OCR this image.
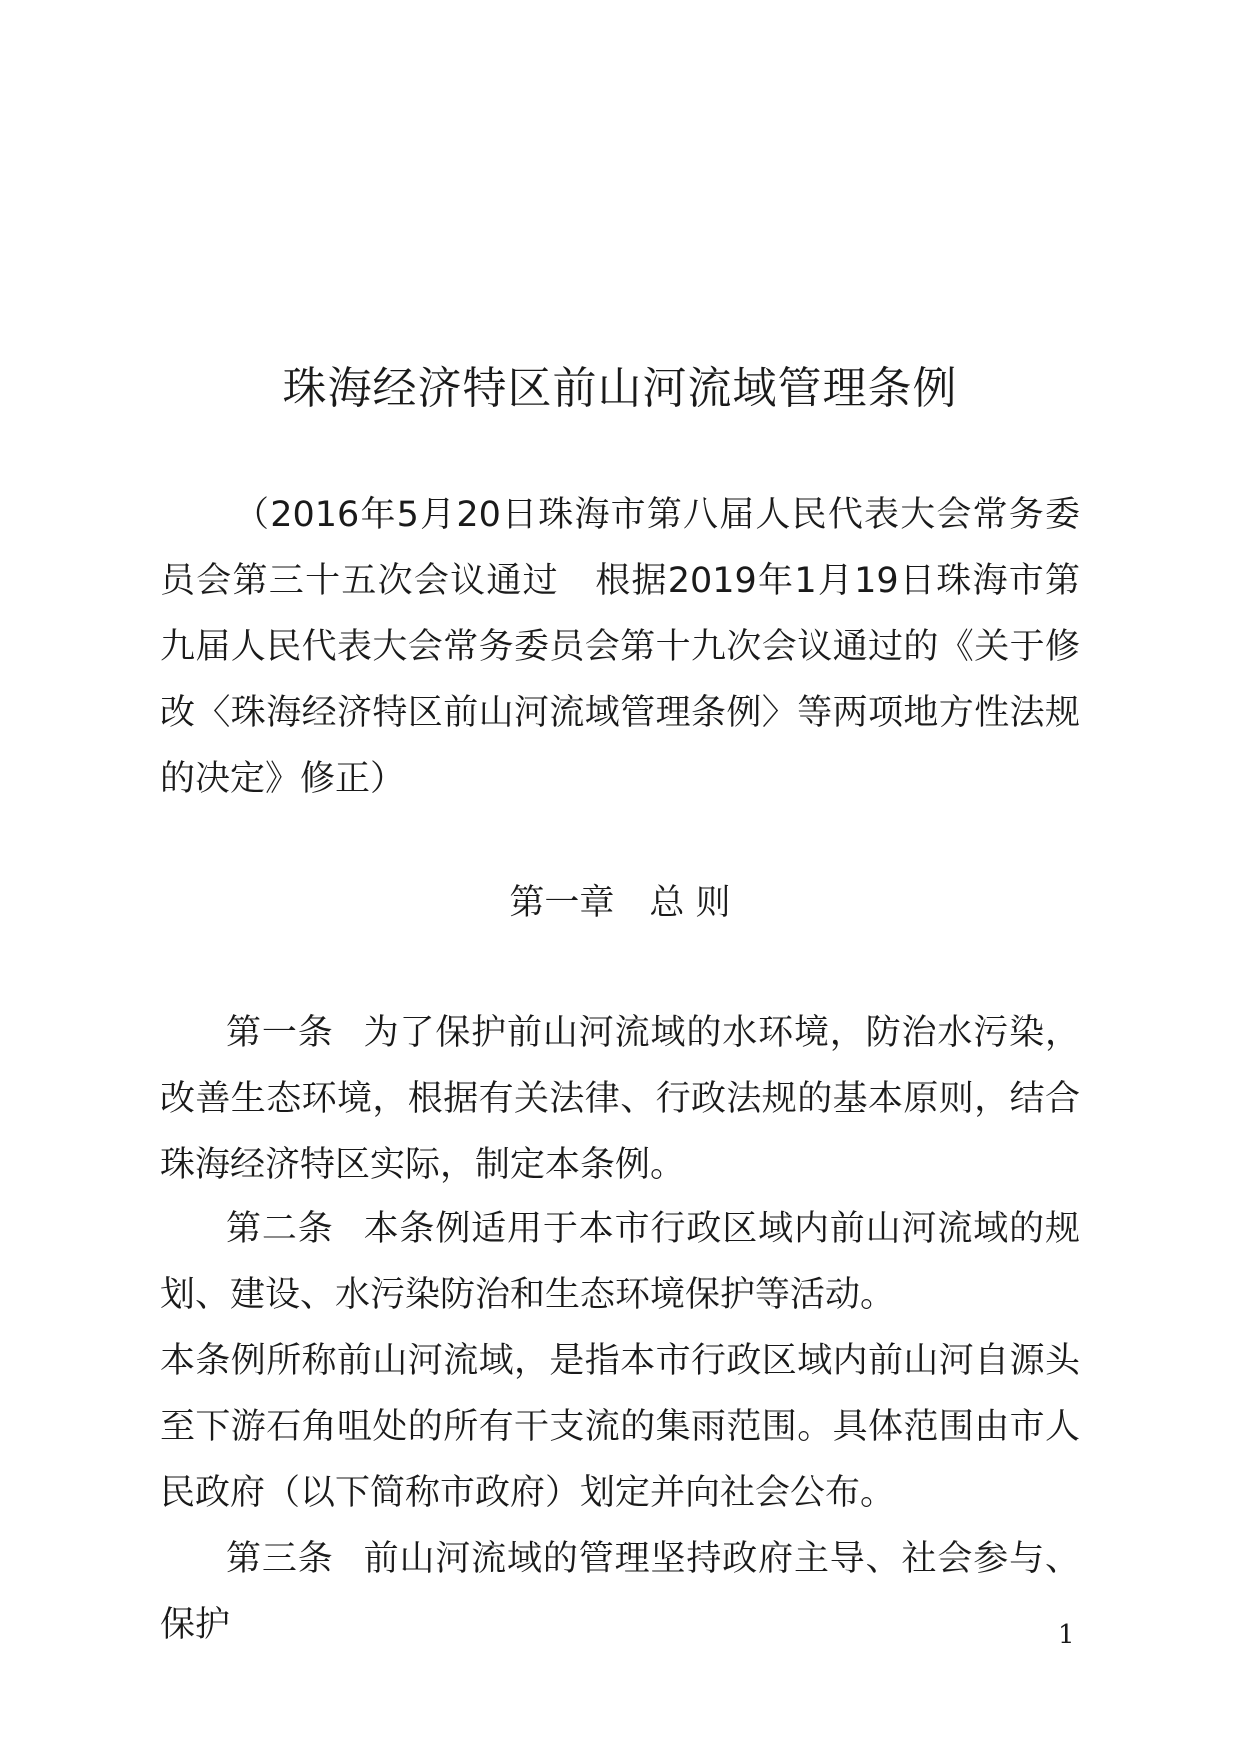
珠海经济特区前山河流域管理条例
（2016年5月20日珠海市第八届人民代表大会常务委员会第三十五次会议通过　根据2019年1月19日珠海市第九届人民代表大会常务委员会第十九次会议通过的《关于修改〈珠海经济特区前山河流域管理条例〉等两项地方性法规的决定》修正）
第一章　总 则
第一条 为了保护前山河流域的水环境，防治水污染，改善生态环境，根据有关法律、行政法规的基本原则，结合珠海经济特区实际，制定本条例。
第二条 本条例适用于本市行政区域内前山河流域的规划、建设、水污染防治和生态环境保护等活动。
本条例所称前山河流域，是指本市行政区域内前山河自源头至下游石角咀处的所有干支流的集雨范围。具体范围由市人民政府（以下简称市政府）划定并向社会公布。
第三条 前山河流域的管理坚持政府主导、社会参与、保护	1
